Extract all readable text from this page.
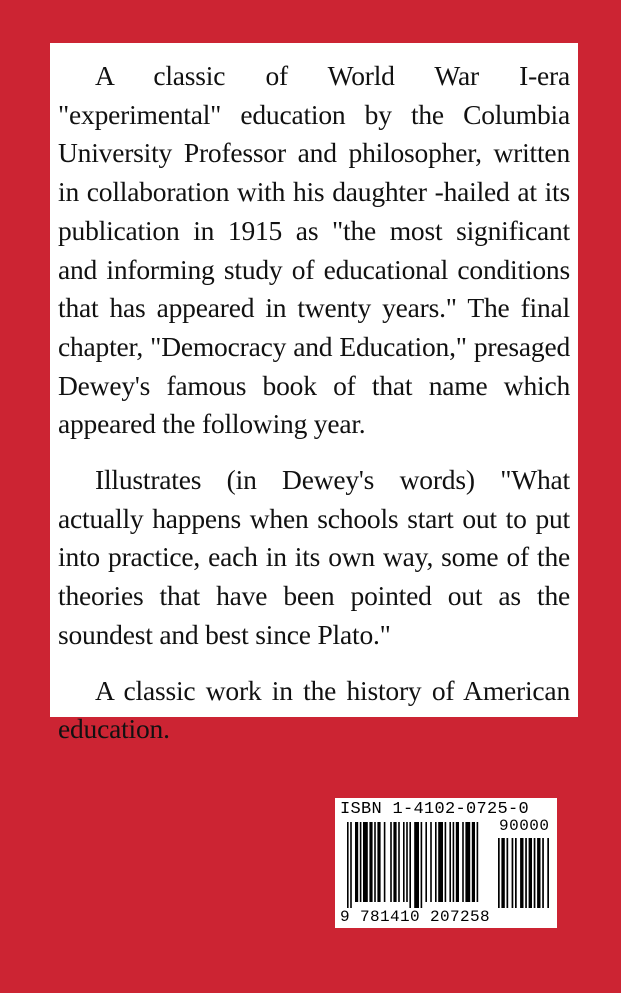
A classic of World War I-era "experimental" education by the Columbia University Professor and philosopher, written in collaboration with his daughter -hailed at its publication in 1915 as "the most significant and informing study of educational conditions that has appeared in twenty years." The final chapter, "Democracy and Education," presaged Dewey's famous book of that name which appeared the following year.

Illustrates (in Dewey's words) "What actually happens when schools start out to put into practice, each in its own way, some of the theories that have been pointed out as the soundest and best since Plato."

A classic work in the history of American education.

ISBN 1-4102-0725-0
90000
9 781410 207258
